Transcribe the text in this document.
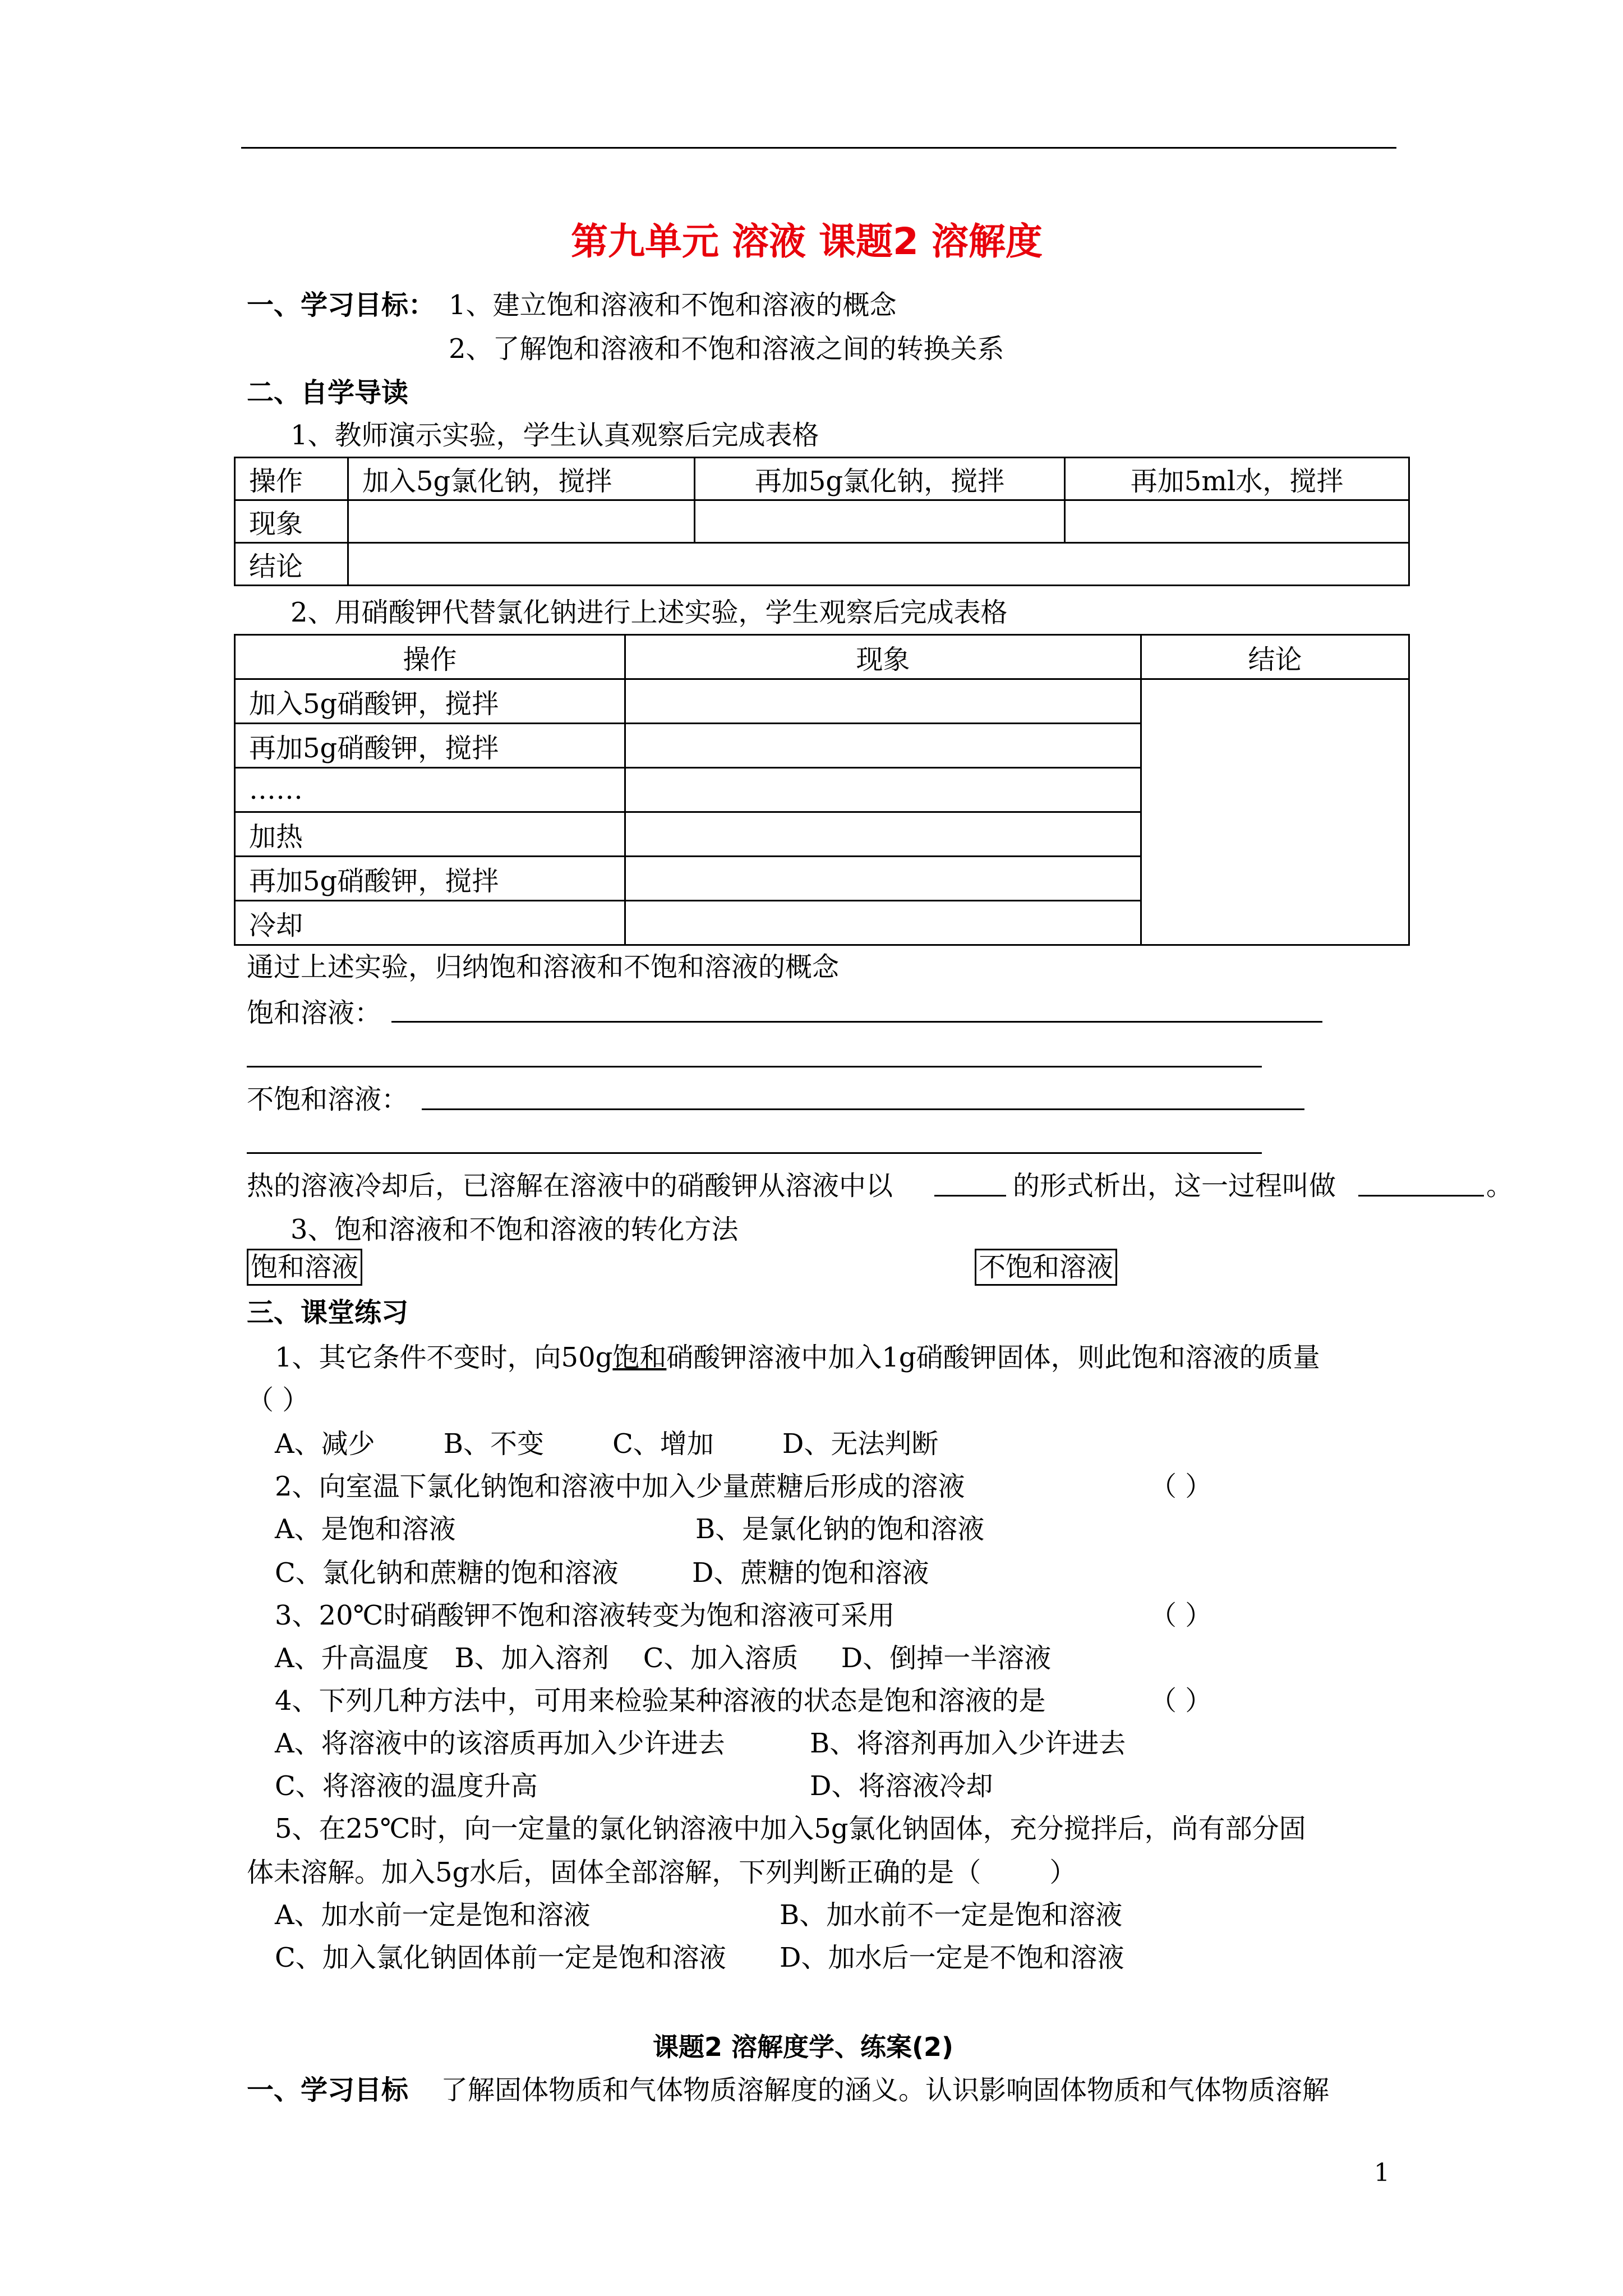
第九单元 溶液 课题2 溶解度
一、学习目标： 1、建立饱和溶液和不饱和溶液的概念
2、了解饱和溶液和不饱和溶液之间的转换关系
二、自学导读
1、教师演示实验，学生认真观察后完成表格
操作	加入5g氯化钠，搅拌	再加5g氯化钠，搅拌	再加5ml水，搅拌
现象			
结论			
2、用硝酸钾代替氯化钠进行上述实验，学生观察后完成表格
操作	现象	结论
加入5g硝酸钾，搅拌		
再加5g硝酸钾，搅拌		
……		
加热		
再加5g硝酸钾，搅拌		
冷却		
通过上述实验，归纳饱和溶液和不饱和溶液的概念
饱和溶液：
不饱和溶液：
热的溶液冷却后，已溶解在溶液中的硝酸钾从溶液中以	的形式析出，这一过程叫做	。
3、饱和溶液和不饱和溶液的转化方法
饱和溶液	不饱和溶液
三、课堂练习
1、其它条件不变时，向50g饱和硝酸钾溶液中加入1g硝酸钾固体，则此饱和溶液的质量
（ ）
A、减少        B、不变        C、增加        D、无法判断
2、向室温下氯化钠饱和溶液中加入少量蔗糖后形成的溶液	（ ）
A、是饱和溶液	B、是氯化钠的饱和溶液
C、氯化钠和蔗糖的饱和溶液	D、蔗糖的饱和溶液
3、20℃时硝酸钾不饱和溶液转变为饱和溶液可采用	（ ）
A、升高温度   B、加入溶剂    C、加入溶质     D、倒掉一半溶液
4、下列几种方法中，可用来检验某种溶液的状态是饱和溶液的是	（ ）
A、将溶液中的该溶质再加入少许进去	B、将溶剂再加入少许进去
C、将溶液的温度升高	D、将溶液冷却
5、在25℃时，向一定量的氯化钠溶液中加入5g氯化钠固体，充分搅拌后，尚有部分固
体未溶解。加入5g水后，固体全部溶解，下列判断正确的是（        ）
A、加水前一定是饱和溶液	B、加水前不一定是饱和溶液
C、加入氯化钠固体前一定是饱和溶液 D、加水后一定是不饱和溶液
课题2 溶解度学、练案(2)
一、学习目标 了解固体物质和气体物质溶解度的涵义。认识影响固体物质和气体物质溶解
1
